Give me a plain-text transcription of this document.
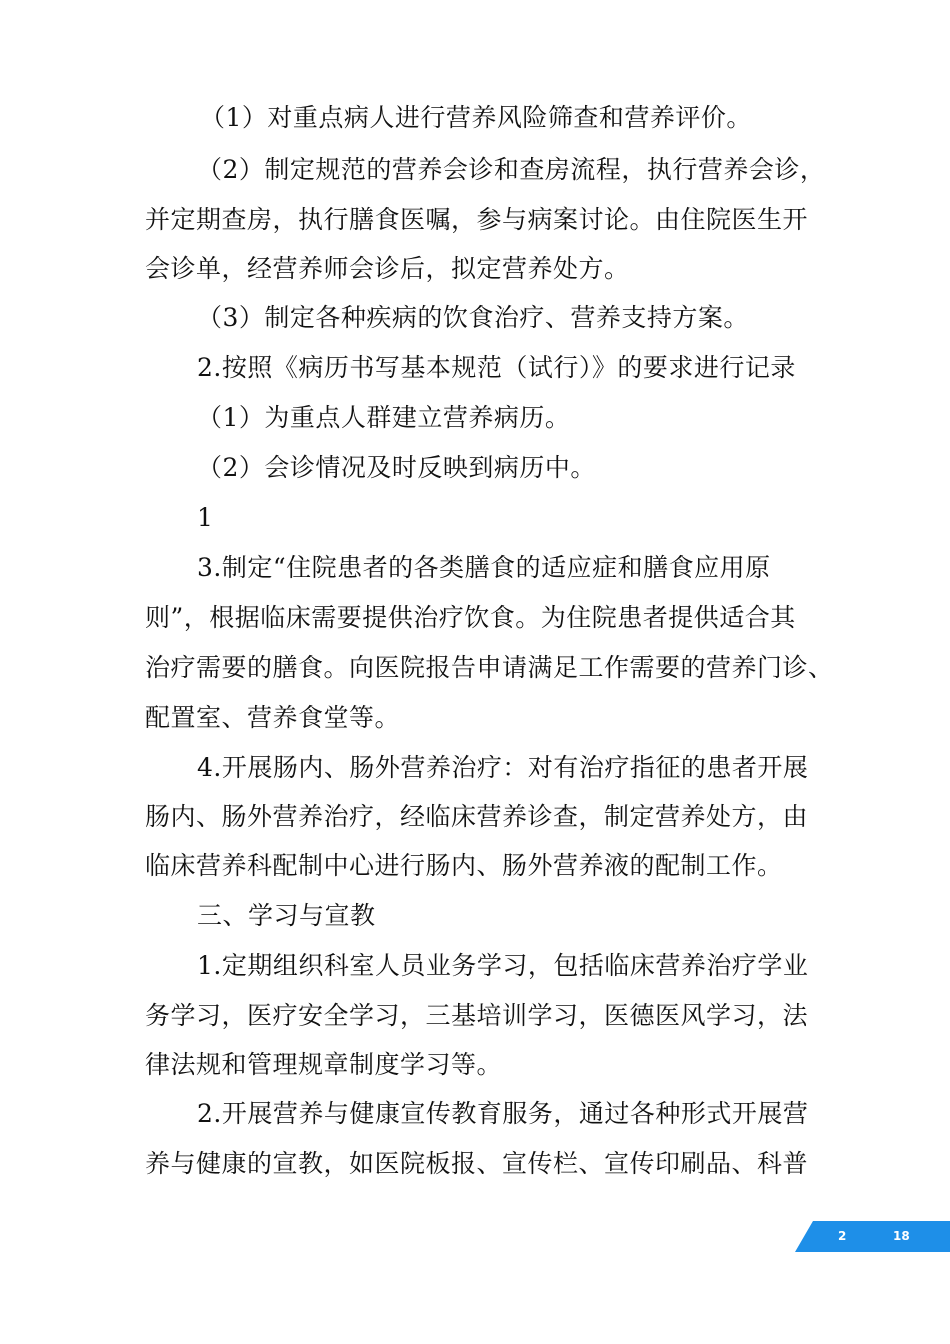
（1）对重点病人进行营养风险筛查和营养评价。
（2）制定规范的营养会诊和查房流程，执行营养会诊，
并定期查房，执行膳食医嘱，参与病案讨论。由住院医生开
会诊单，经营养师会诊后，拟定营养处方。
（3）制定各种疾病的饮食治疗、营养支持方案。
2.按照《病历书写基本规范（试行）》的要求进行记录
（1）为重点人群建立营养病历。
（2）会诊情况及时反映到病历中。
1
3.制定“住院患者的各类膳食的适应症和膳食应用原
则”，根据临床需要提供治疗饮食。为住院患者提供适合其
治疗需要的膳食。向医院报告申请满足工作需要的营养门诊、
配置室、营养食堂等。
4.开展肠内、肠外营养治疗：对有治疗指征的患者开展
肠内、肠外营养治疗，经临床营养诊查，制定营养处方，由
临床营养科配制中心进行肠内、肠外营养液的配制工作。
三、学习与宣教
1.定期组织科室人员业务学习，包括临床营养治疗学业
务学习，医疗安全学习，三基培训学习，医德医风学习，法
律法规和管理规章制度学习等。
2.开展营养与健康宣传教育服务，通过各种形式开展营
养与健康的宣教，如医院板报、宣传栏、宣传印刷品、科普
2	18
